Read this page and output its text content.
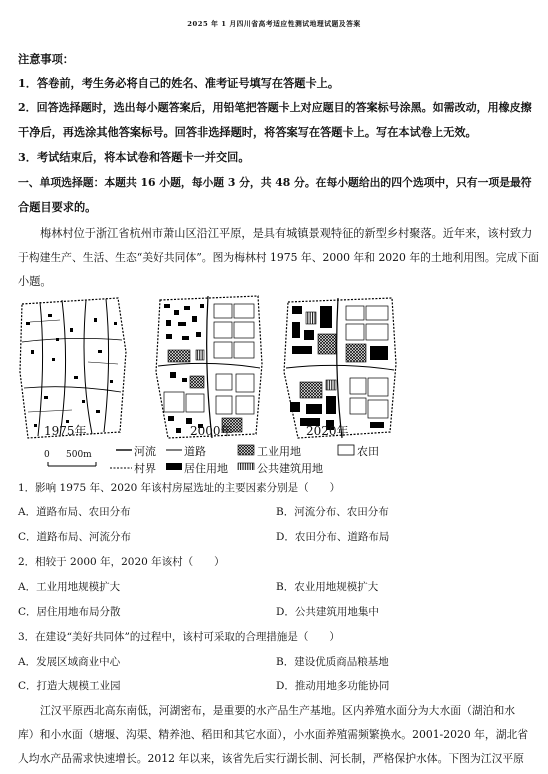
2025 年 1 月四川省高考适应性测试地理试题及答案
注意事项：
1．答卷前，考生务必将自己的姓名、准考证号填写在答题卡上。
2．回答选择题时，选出每小题答案后，用铅笔把答题卡上对应题目的答案标号涂黑。如需改动，用橡皮擦
干净后，再选涂其他答案标号。回答非选择题时，将答案写在答题卡上。写在本试卷上无效。
3．考试结束后，将本试卷和答题卡一并交回。
一、单项选择题：本题共 16 小题，每小题 3 分，共 48 分。在每小题给出的四个选项中，只有一项是最符
合题目要求的。
梅林村位于浙江省杭州市萧山区沿江平原，是具有城镇景观特征的新型乡村聚落。近年来，该村致力
于构建生产、生活、生态“美好共同体”。图为梅林村 1975 年、2000 年和 2020 年的土地利用图。完成下面
小题。
1975年	2000年	2020年
0 500m	河流	道路	工业用地	农田
村界	居住用地	公共建筑用地
1．影响 1975 年、2020 年该村房屋选址的主要因素分别是（　　）
A．道路布局、农田分布	B．河流分布、农田分布
C．道路布局、河流分布	D．农田分布、道路布局
2．相较于 2000 年，2020 年该村（　　）
A．工业用地规模扩大	B．农业用地规模扩大
C．居住用地布局分散	D．公共建筑用地集中
3．在建设“美好共同体”的过程中，该村可采取的合理措施是（　　）
A．发展区域商业中心	B．建设优质商品粮基地
C．打造大规模工业园	D．推动用地多功能协同
江汉平原西北高东南低，河湖密布，是重要的水产品生产基地。区内养殖水面分为大水面（湖泊和水
库）和小水面（塘堰、沟渠、精养池、稻田和其它水面），小水面养殖需频繁换水。2001-2020 年，湖北省
人均水产品需求快速增长。2012 年以来，该省先后实行湖长制、河长制，严格保护水体。下图为江汉平原
